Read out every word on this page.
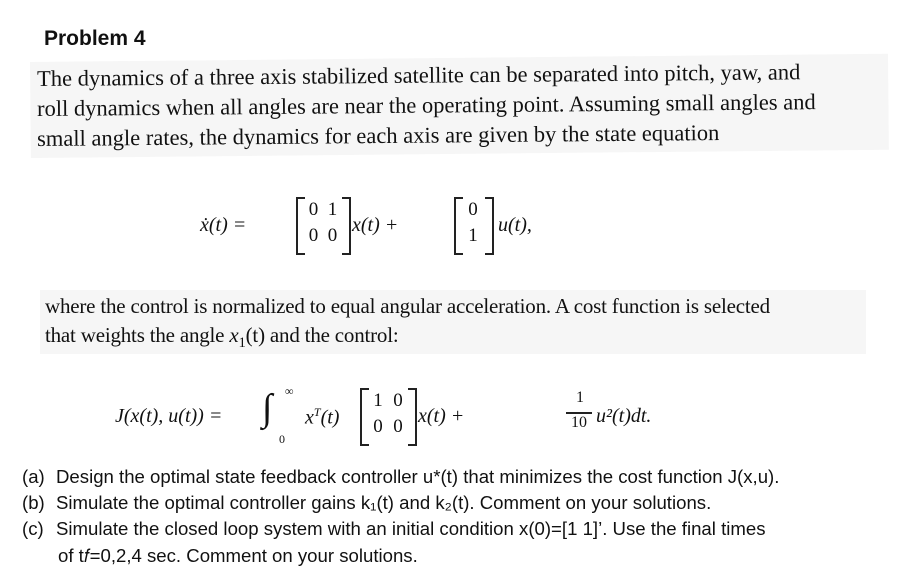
Problem 4
The dynamics of a three axis stabilized satellite can be separated into pitch, yaw, and
roll dynamics when all angles are near the operating point. Assuming small angles and
small angle rates, the dynamics for each axis are given by the state equation
ẋ(t) =
0 1
0 0 x(t) +
0
1	u(t),
where the control is normalized to equal angular acceleration. A cost function is selected
that weights the angle $x_1(t)$ and the control:
J(x(t), u(t)) = ∫ ∞
0
$x^T(t)$
1 0
0 0 x(t) +
1
10 u²(t)dt.
(a) Design the optimal state feedback controller u*(t) that minimizes the cost function J(x,u).
(b) Simulate the optimal controller gains k₁(t) and k₂(t). Comment on your solutions.
(c) Simulate the closed loop system with an initial condition x(0)=[1 1]’. Use the final times
of t𝑓=0,2,4 sec. Comment on your solutions.
